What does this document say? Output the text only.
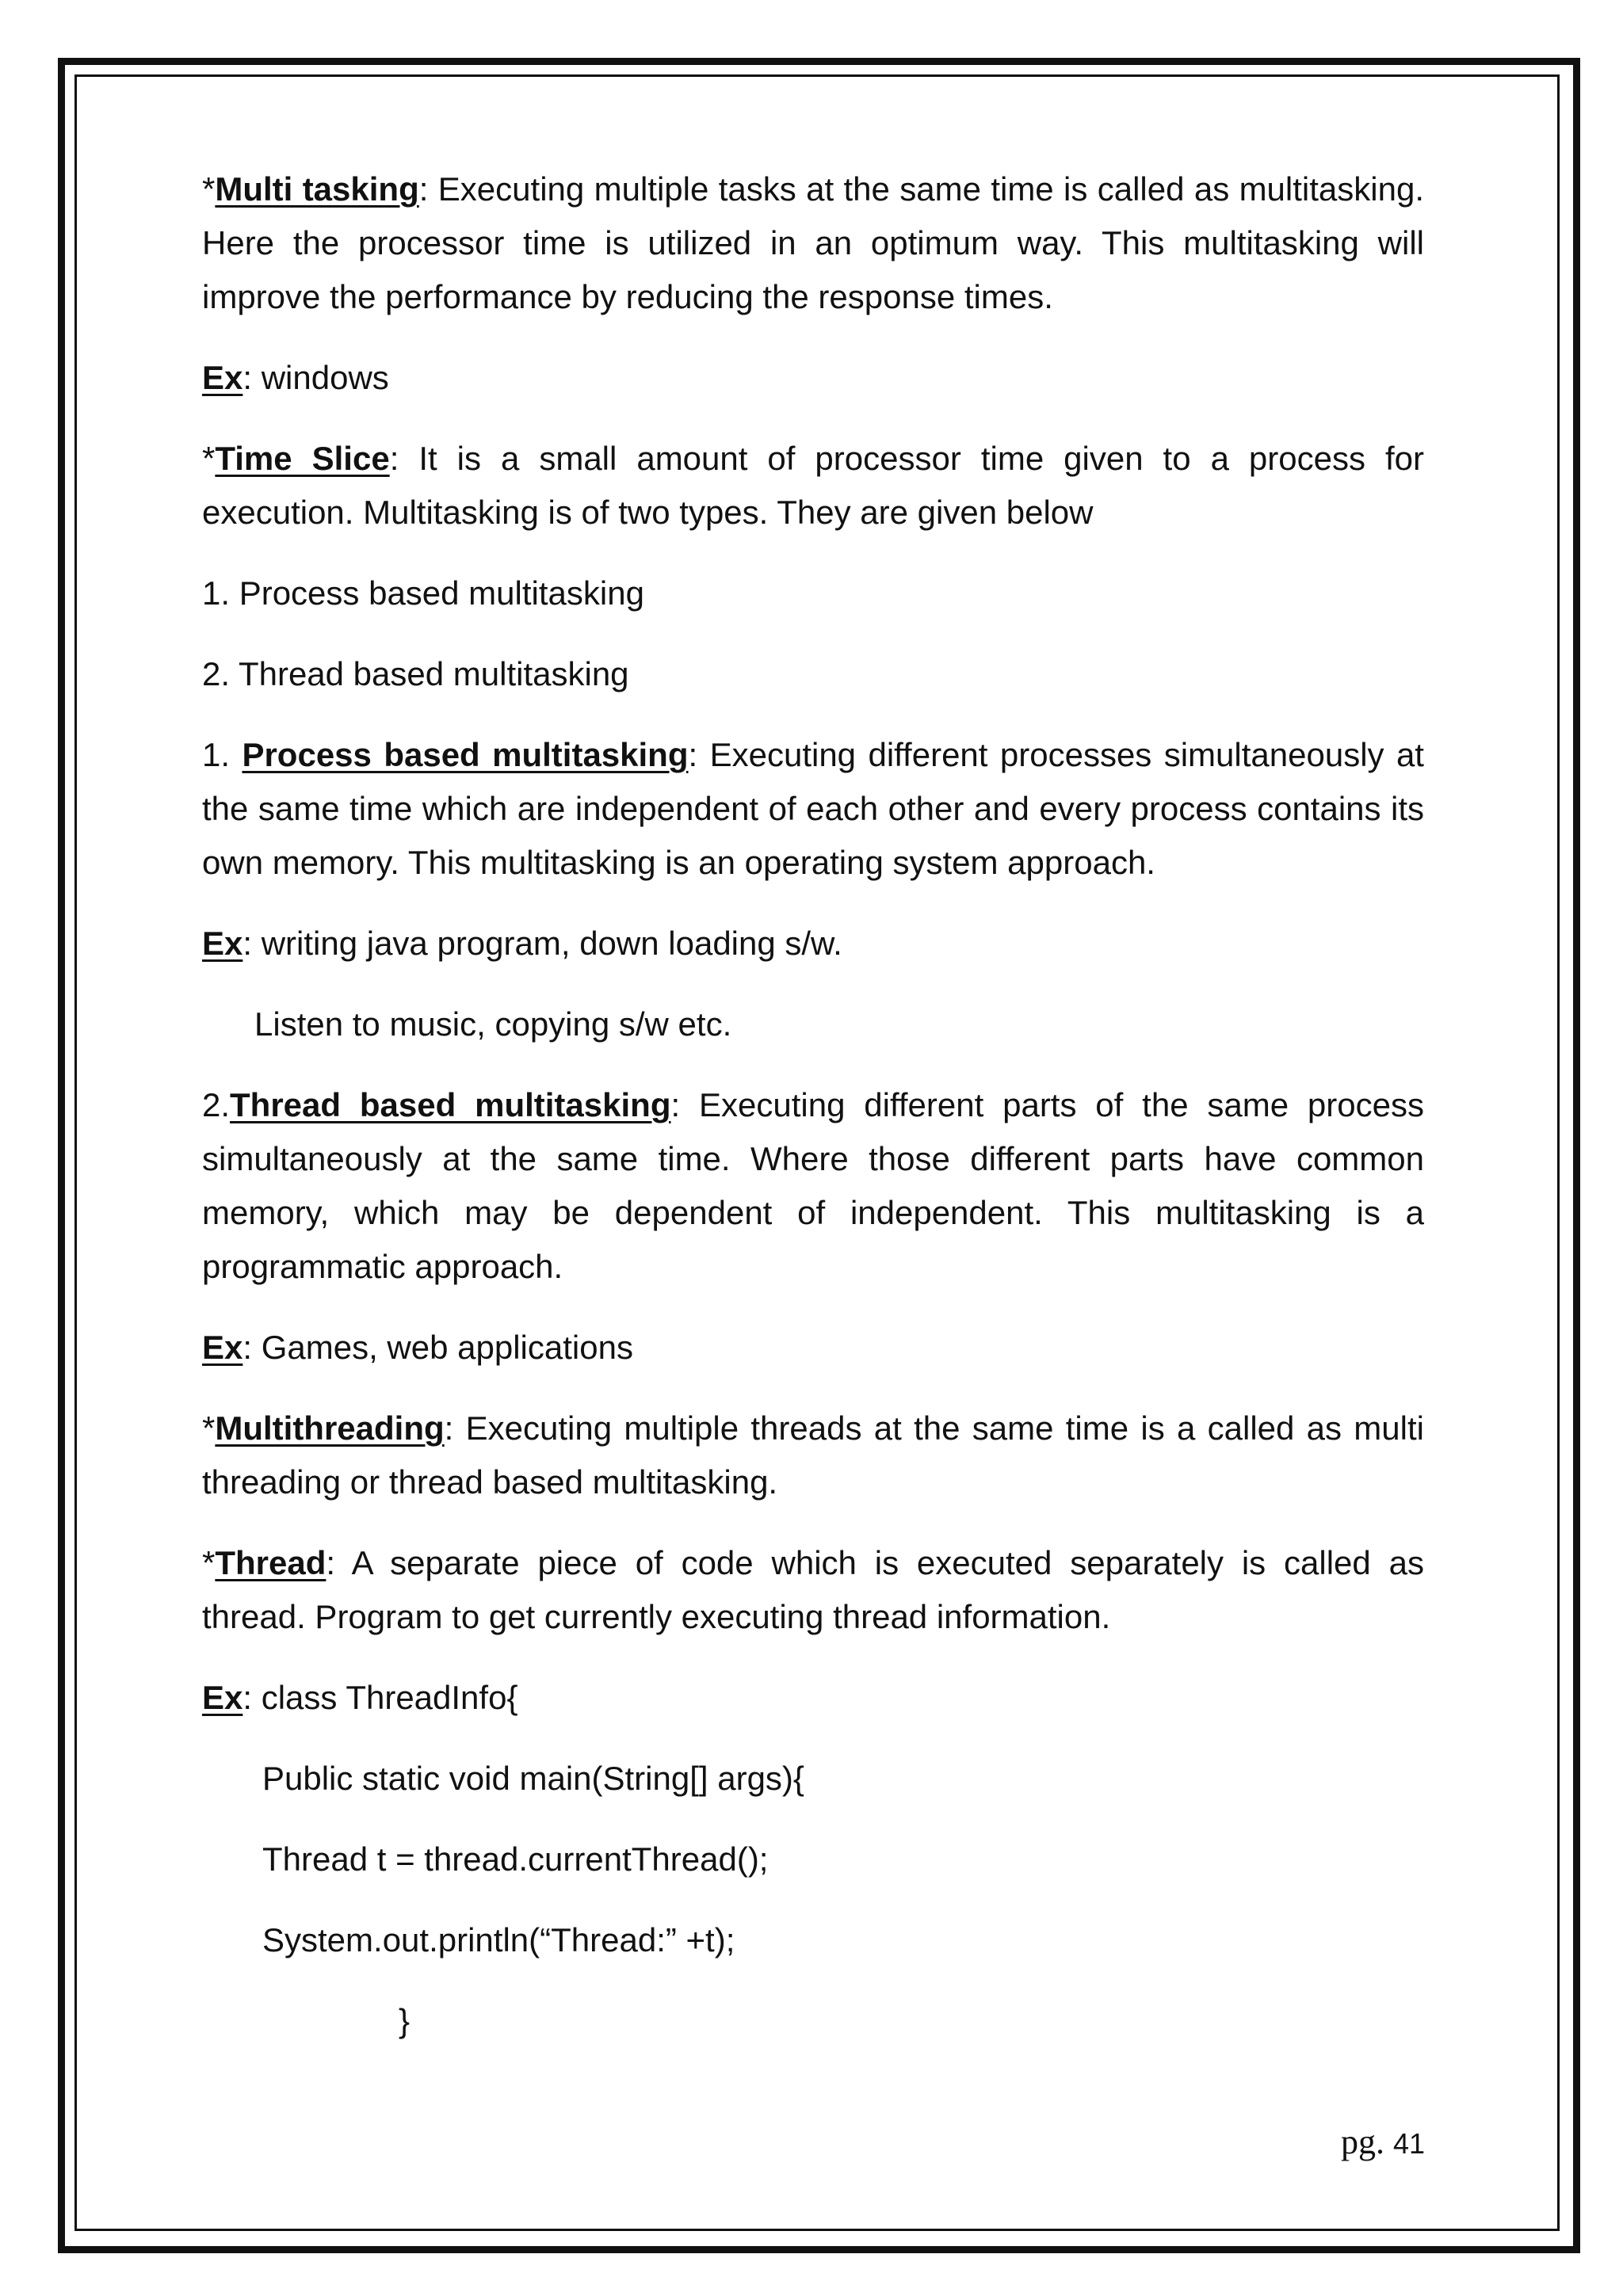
*Multi tasking: Executing multiple tasks at the same time is called as multitasking. Here the processor time is utilized in an optimum way. This multitasking will improve the performance by reducing the response times.

Ex: windows

*Time Slice: It is a small amount of processor time given to a process for execution. Multitasking is of two types. They are given below

1. Process based multitasking

2. Thread based multitasking

1. Process based multitasking: Executing different processes simultaneously at the same time which are independent of each other and every process contains its own memory. This multitasking is an operating system approach.

Ex: writing java program, down loading s/w.

Listen to music, copying s/w etc.

2.Thread based multitasking: Executing different parts of the same process simultaneously at the same time. Where those different parts have common memory, which may be dependent of independent. This multitasking is a programmatic approach.

Ex: Games, web applications

*Multithreading: Executing multiple threads at the same time is a called as multi threading or thread based multitasking.

*Thread: A separate piece of code which is executed separately is called as thread. Program to get currently executing thread information.

Ex: class ThreadInfo{

Public static void main(String[] args){

Thread t = thread.currentThread();

System.out.println(“Thread:” +t);

}

pg. 41
